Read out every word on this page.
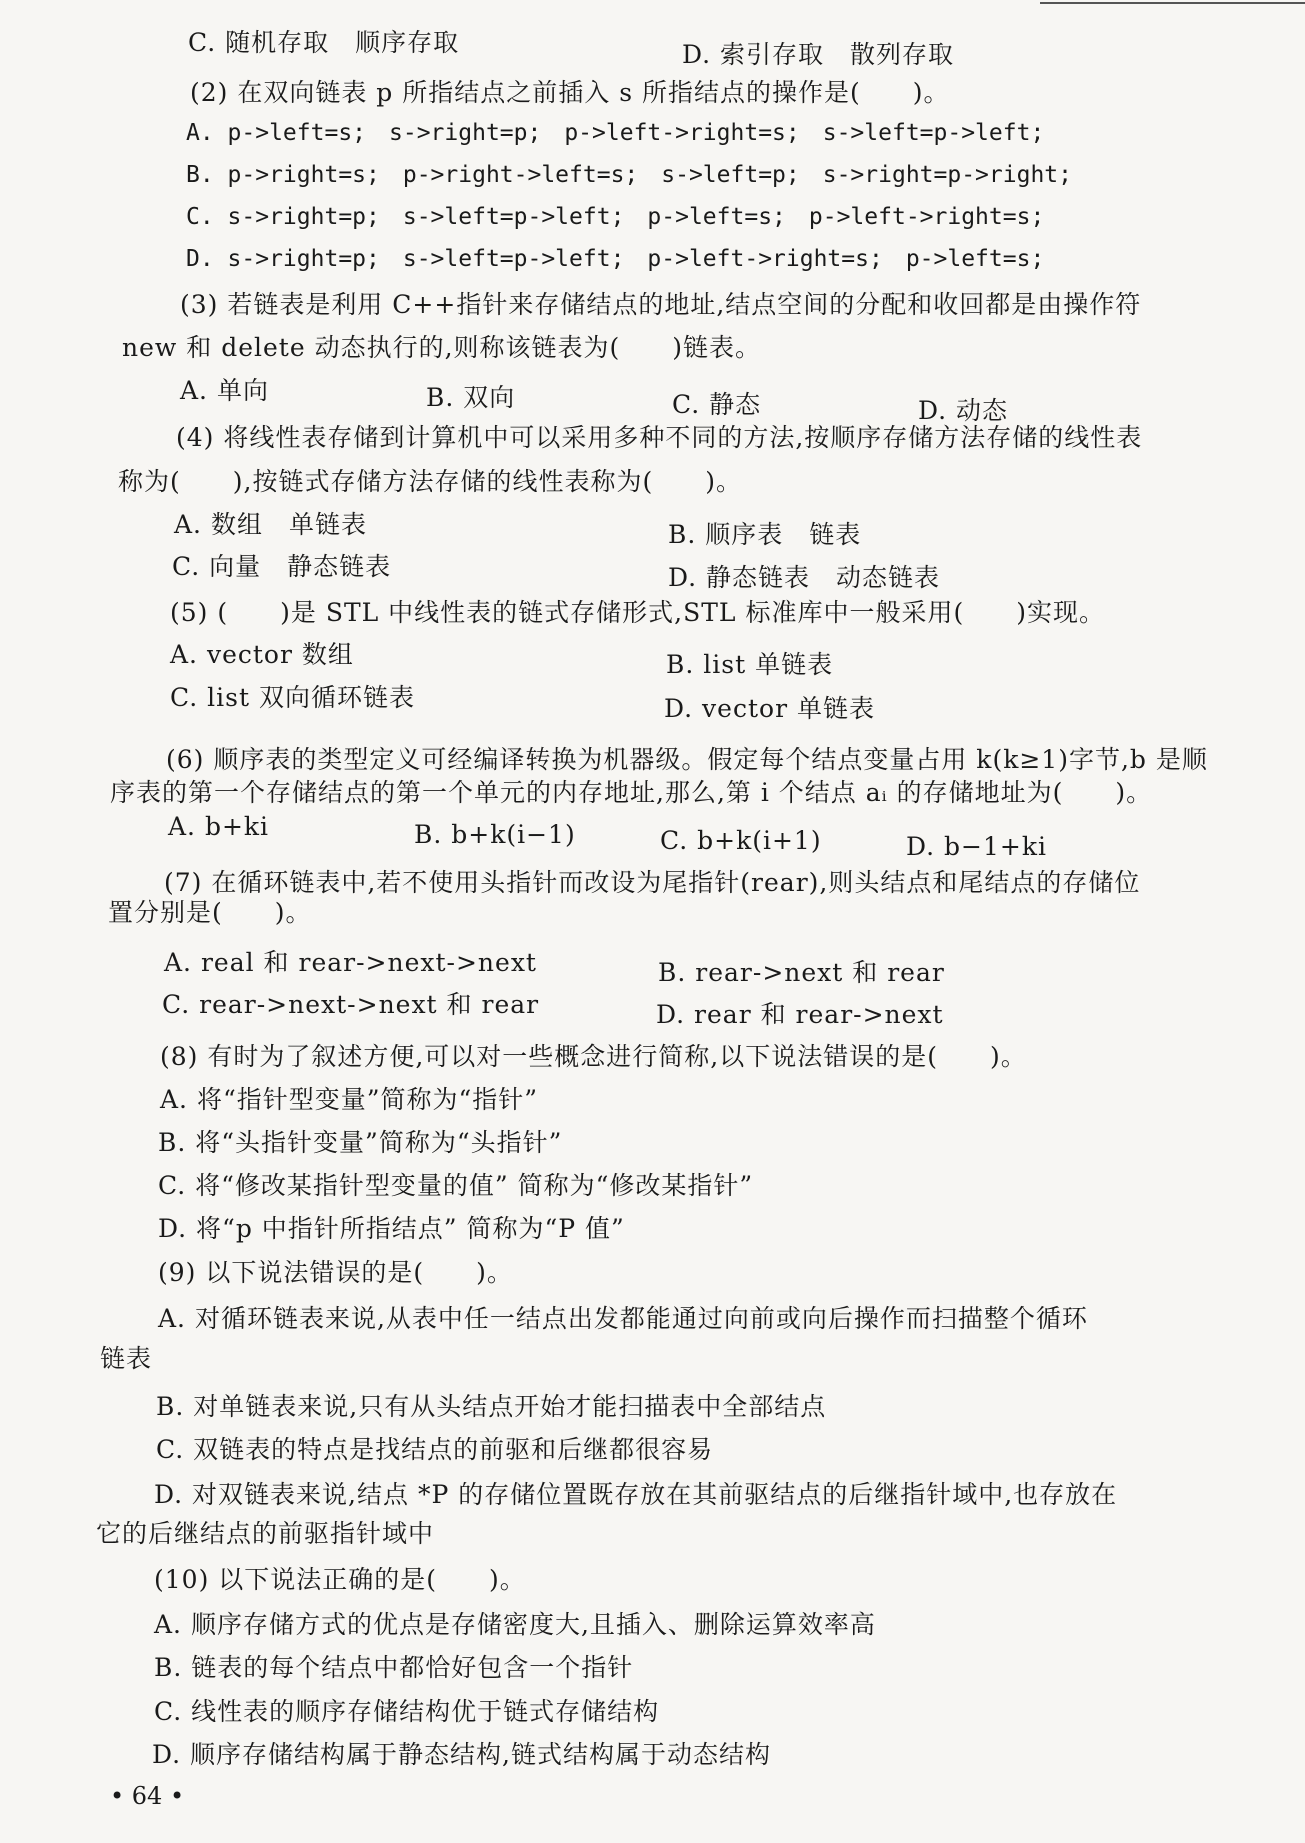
C. 随机存取　顺序存取	D. 索引存取　散列存取
(2) 在双向链表 p 所指结点之前插入 s 所指结点的操作是(　　)。
A. p->left=s;　s->right=p;　p->left->right=s;　s->left=p->left;
B. p->right=s;　p->right->left=s;　s->left=p;　s->right=p->right;
C. s->right=p;　s->left=p->left;　p->left=s;　p->left->right=s;
D. s->right=p;　s->left=p->left;　p->left->right=s;　p->left=s;
(3) 若链表是利用 C++指针来存储结点的地址,结点空间的分配和收回都是由操作符
new 和 delete 动态执行的,则称该链表为(　　)链表。
A. 单向	B. 双向	C. 静态	D. 动态
(4) 将线性表存储到计算机中可以采用多种不同的方法,按顺序存储方法存储的线性表
称为(　　),按链式存储方法存储的线性表称为(　　)。
A. 数组　单链表	B. 顺序表　链表
C. 向量　静态链表	D. 静态链表　动态链表
(5) (　　)是 STL 中线性表的链式存储形式,STL 标准库中一般采用(　　)实现。
A. vector 数组	B. list 单链表
C. list 双向循环链表	D. vector 单链表
(6) 顺序表的类型定义可经编译转换为机器级。假定每个结点变量占用 k(k≥1)字节,b 是顺
序表的第一个存储结点的第一个单元的内存地址,那么,第 i 个结点 aᵢ 的存储地址为(　　)。
A. b+ki	B. b+k(i−1)	C. b+k(i+1)	D. b−1+ki
(7) 在循环链表中,若不使用头指针而改设为尾指针(rear),则头结点和尾结点的存储位
置分别是(　　)。
A. real 和 rear->next->next	B. rear->next 和 rear
C. rear->next->next 和 rear	D. rear 和 rear->next
(8) 有时为了叙述方便,可以对一些概念进行简称,以下说法错误的是(　　)。
A. 将“指针型变量”简称为“指针”
B. 将“头指针变量”简称为“头指针”
C. 将“修改某指针型变量的值” 简称为“修改某指针”
D. 将“p 中指针所指结点” 简称为“P 值”
(9) 以下说法错误的是(　　)。
A. 对循环链表来说,从表中任一结点出发都能通过向前或向后操作而扫描整个循环
链表
B. 对单链表来说,只有从头结点开始才能扫描表中全部结点
C. 双链表的特点是找结点的前驱和后继都很容易
D. 对双链表来说,结点 *P 的存储位置既存放在其前驱结点的后继指针域中,也存放在
它的后继结点的前驱指针域中
(10) 以下说法正确的是(　　)。
A. 顺序存储方式的优点是存储密度大,且插入、删除运算效率高
B. 链表的每个结点中都恰好包含一个指针
C. 线性表的顺序存储结构优于链式存储结构
D. 顺序存储结构属于静态结构,链式结构属于动态结构
• 64 •
